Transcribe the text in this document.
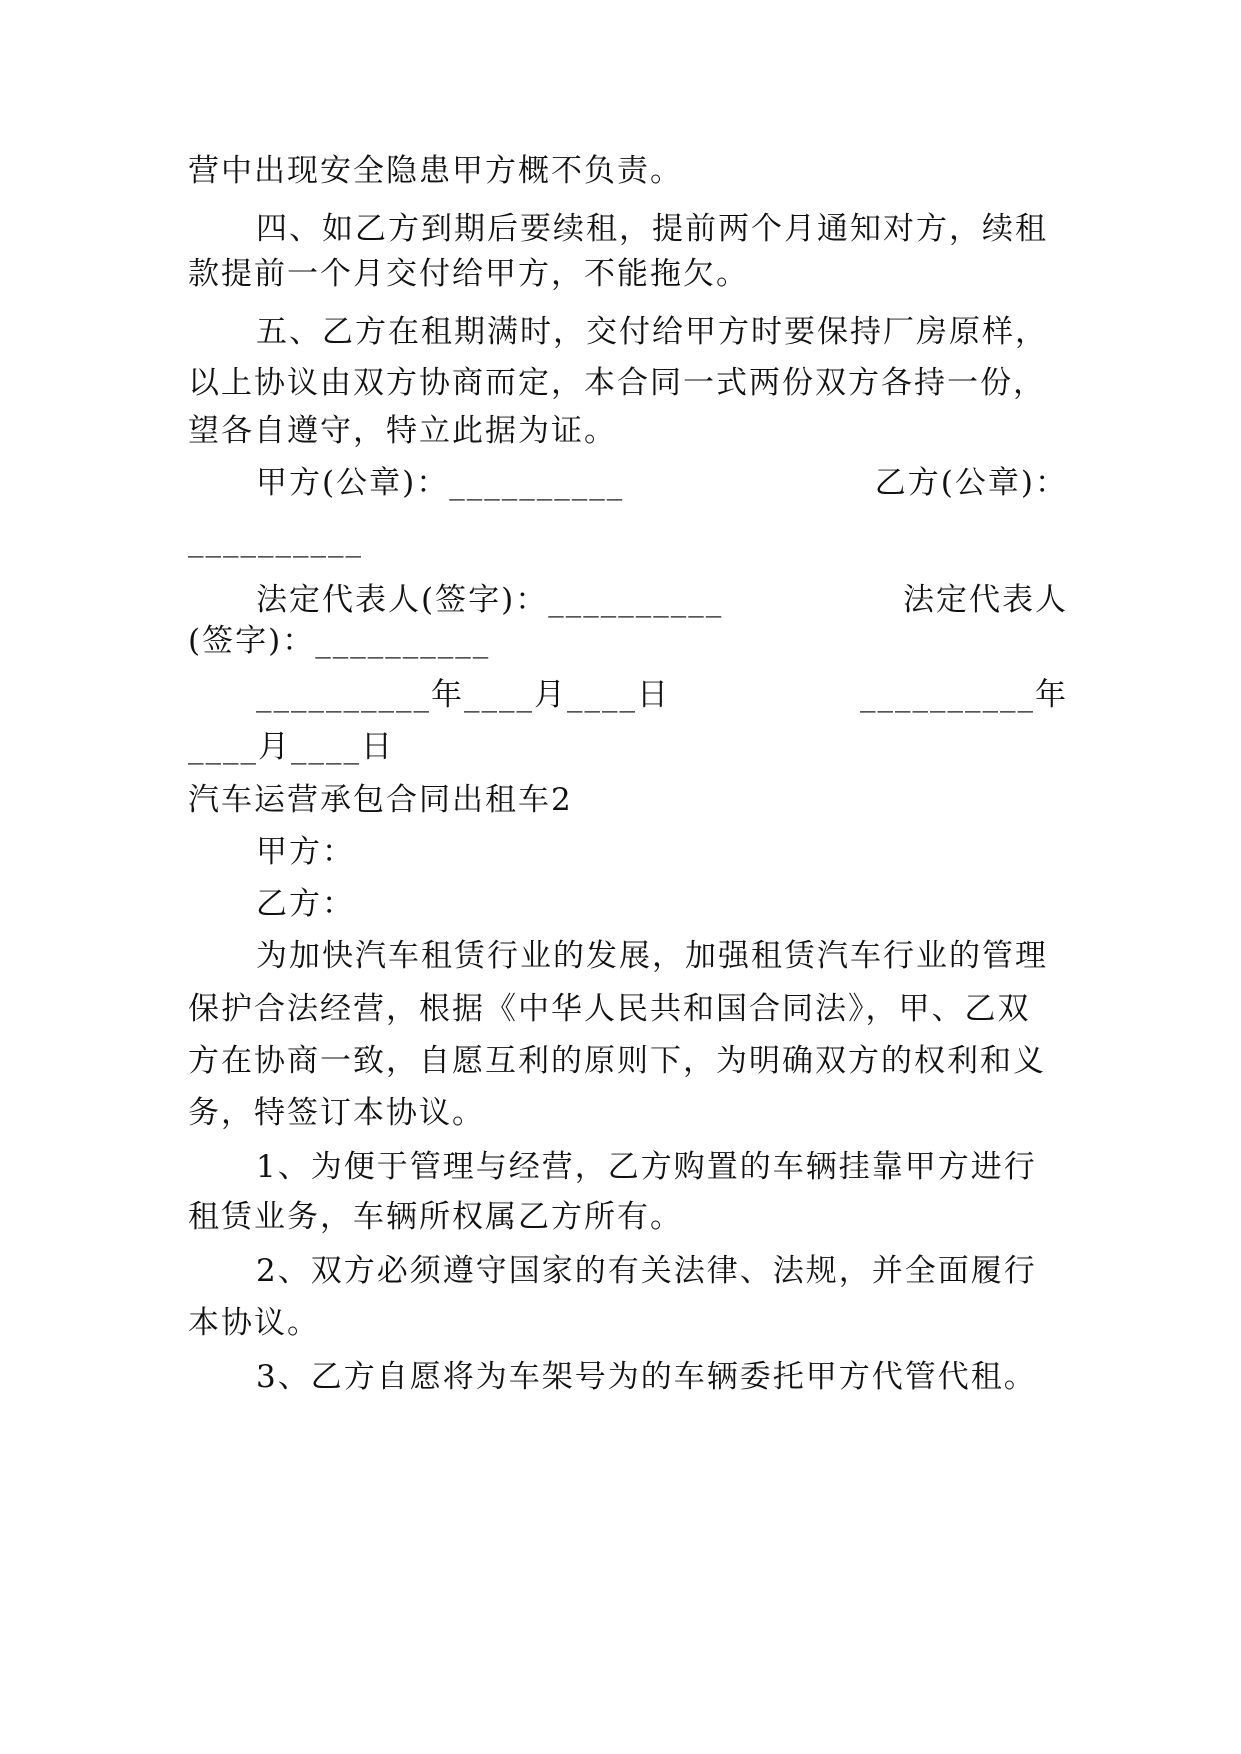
营中出现安全隐患甲方概不负责。
四、如乙方到期后要续租，提前两个月通知对方，续租
款提前一个月交付给甲方，不能拖欠。
五、乙方在租期满时，交付给甲方时要保持厂房原样，
以上协议由双方协商而定，本合同一式两份双方各持一份，
望各自遵守，特立此据为证。
甲方(公章)：__________	乙方(公章)：
__________
法定代表人(签字)：__________	法定代表人
(签字)：__________
__________年____月____日	__________年
____月____日
汽车运营承包合同出租车2
甲方：
乙方：
为加快汽车租赁行业的发展，加强租赁汽车行业的管理
保护合法经营，根据《中华人民共和国合同法》，甲、乙双
方在协商一致，自愿互利的原则下，为明确双方的权利和义
务，特签订本协议。
1、为便于管理与经营，乙方购置的车辆挂靠甲方进行
租赁业务，车辆所权属乙方所有。
2、双方必须遵守国家的有关法律、法规，并全面履行
本协议。
3、乙方自愿将为车架号为的车辆委托甲方代管代租。
